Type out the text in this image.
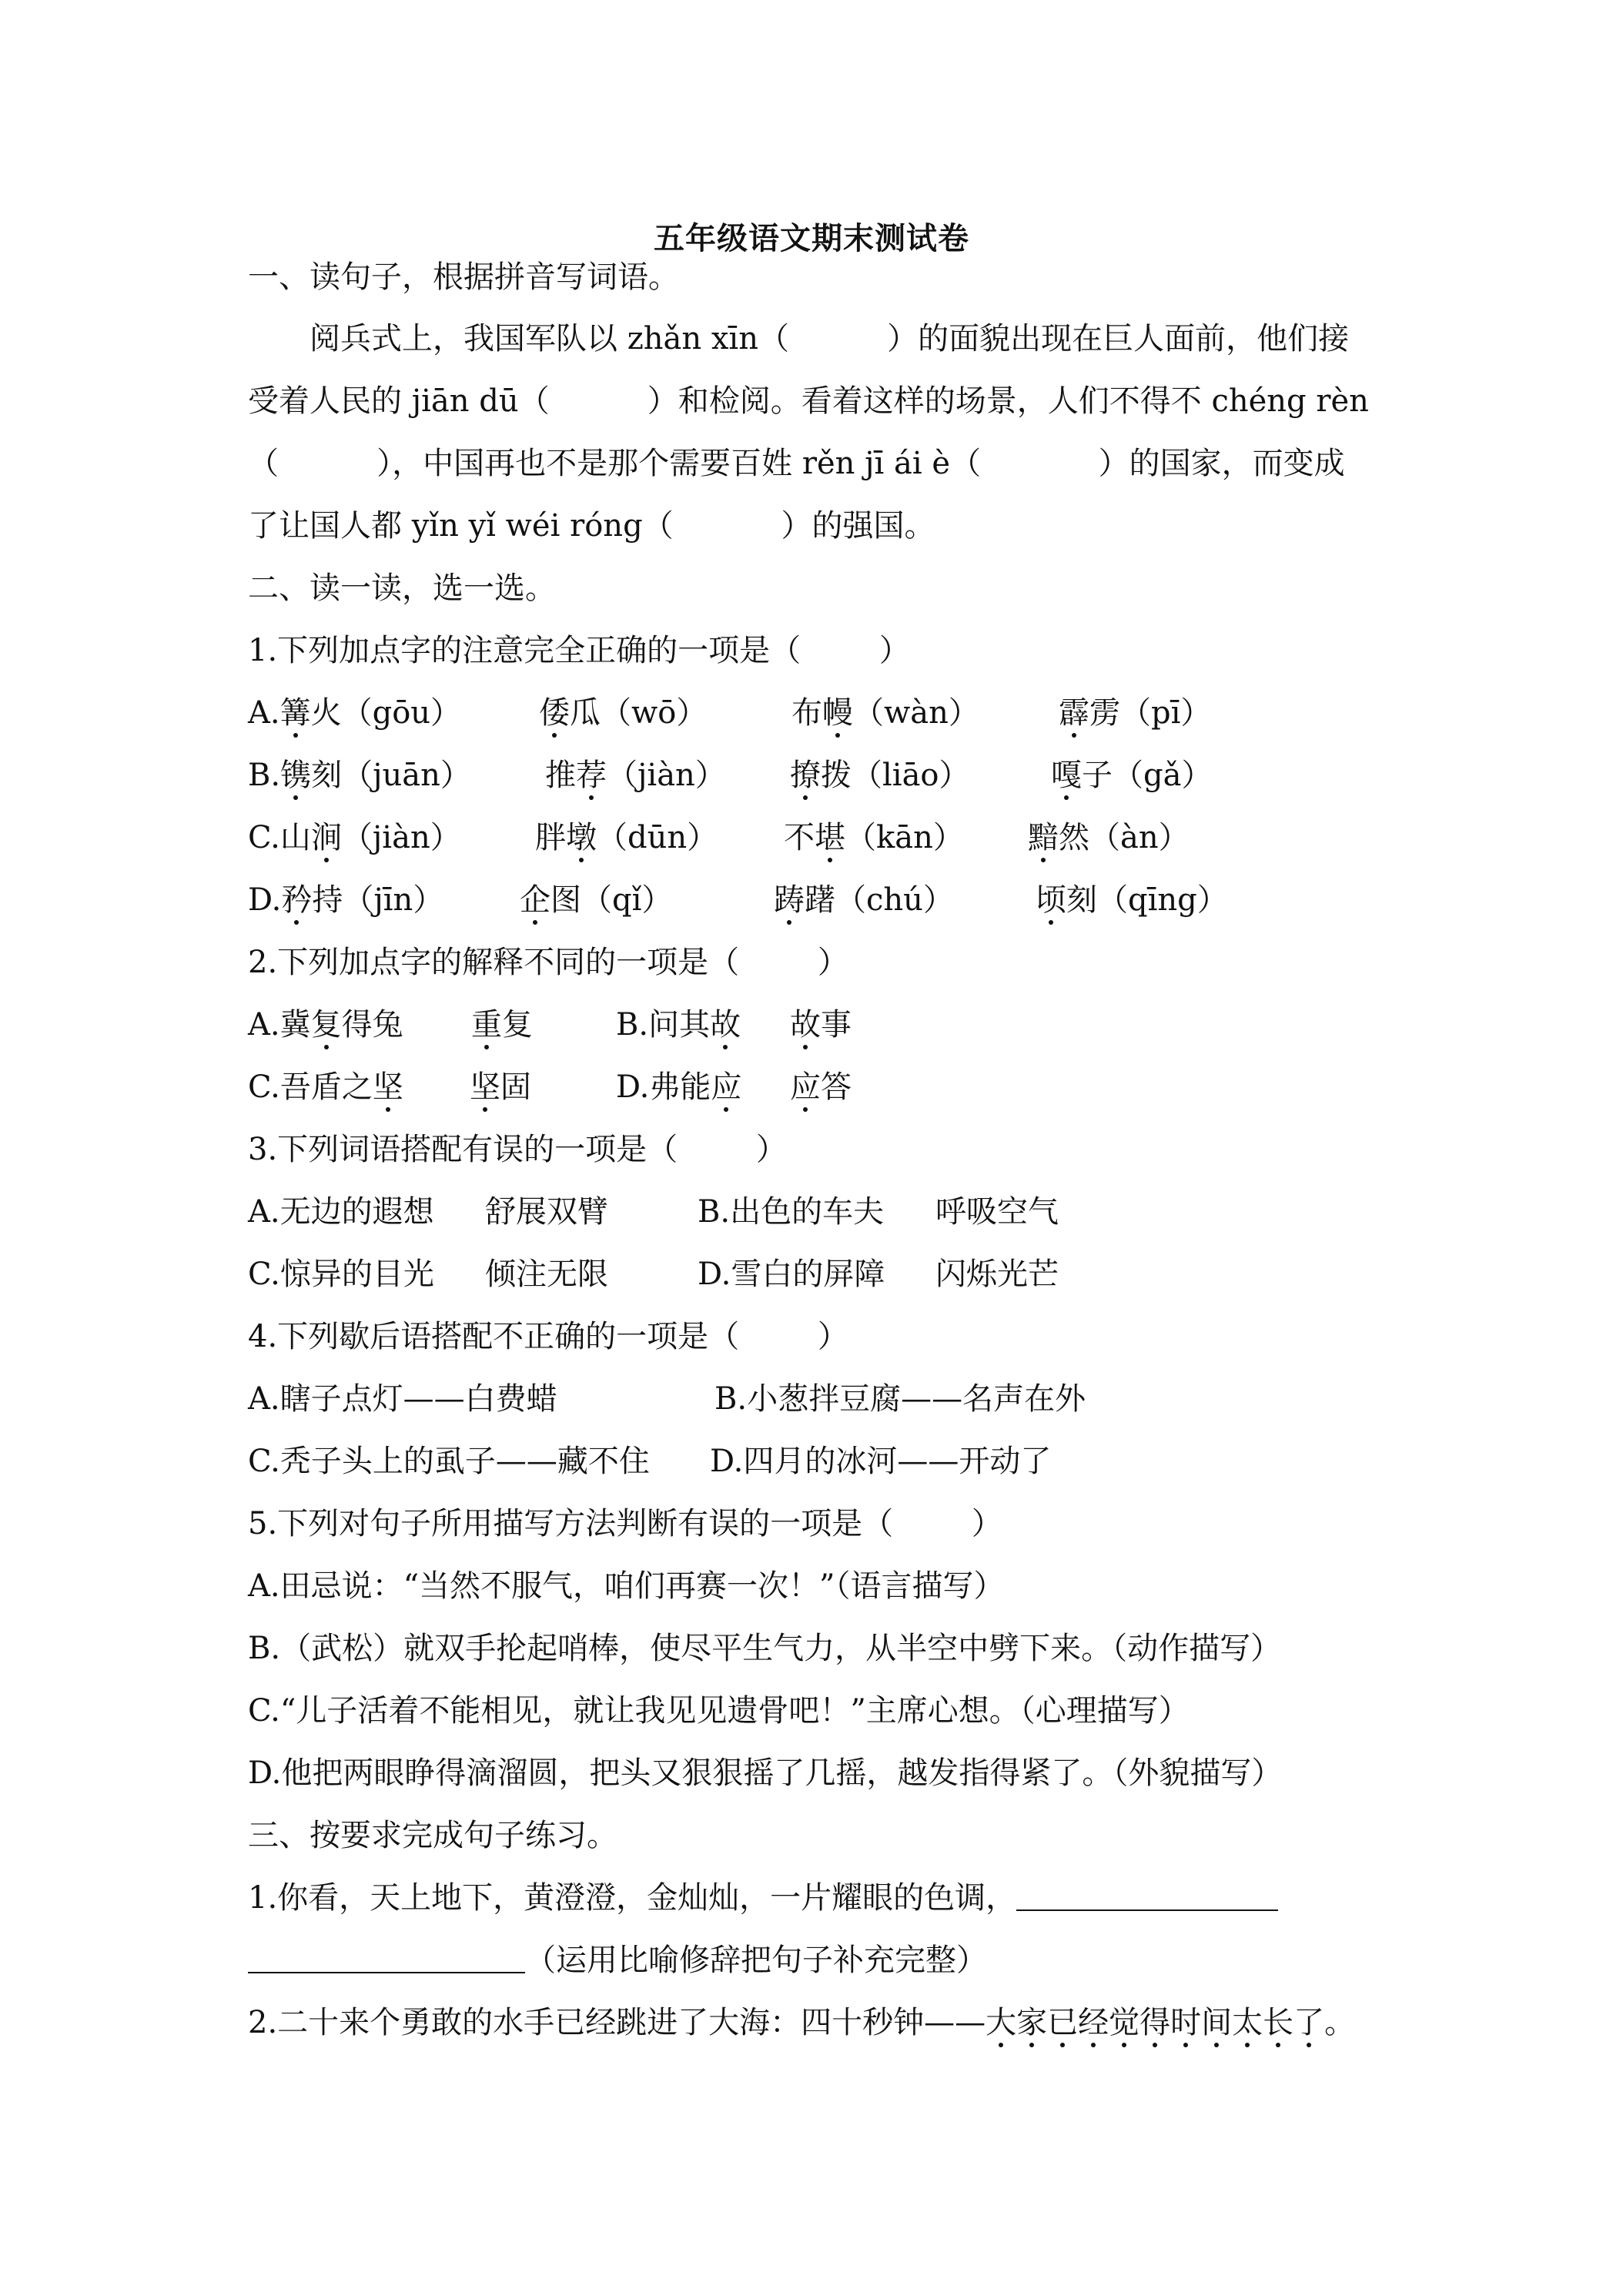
五年级语文期末测试卷
一、读句子，根据拼音写词语。
阅兵式上，我国军队以 zhǎn xīn（          ）的面貌出现在巨人面前，他们接
受着人民的 jiān dū（          ）和检阅。看着这样的场景，人们不得不 chéng rèn
（          ），中国再也不是那个需要百姓 rěn jī ái è（            ）的国家，而变成
了让国人都 yǐn yǐ wéi róng（           ）的强国。
二、读一读，选一选。
1.下列加点字的注意完全正确的一项是（        ）
A.篝火（gōu）	倭瓜（wō）	布幔（wàn）	霹雳（pī）
B.镌刻（juān） 推荐（jiàn） 撩拨（liāo）	嘎子（gǎ）
C.山涧（jiàn） 胖墩（dūn） 不堪（kān） 黯然（àn）
D.矜持（jīn） 企图（qǐ）	踌躇（chú）	顷刻（qīng）
2.下列加点字的解释不同的一项是（        ）
A.冀复得兔 重复	B.问其故 故事
C.吾盾之坚 坚固	D.弗能应 应答
3.下列词语搭配有误的一项是（        ）
A.无边的遐想 舒展双臂	B.出色的车夫 呼吸空气
C.惊异的目光 倾注无限	D.雪白的屏障 闪烁光芒
4.下列歇后语搭配不正确的一项是（        ）
A.瞎子点灯——白费蜡	B.小葱拌豆腐——名声在外
C.秃子头上的虱子——藏不住 D.四月的冰河——开动了
5.下列对句子所用描写方法判断有误的一项是（        ）
A.田忌说：“当然不服气，咱们再赛一次！”（语言描写）
B.（武松）就双手抡起哨棒，使尽平生气力，从半空中劈下来。（动作描写）
C.“儿子活着不能相见，就让我见见遗骨吧！”主席心想。（心理描写）
D.他把两眼睁得滴溜圆，把头又狠狠摇了几摇，越发指得紧了。（外貌描写）
三、按要求完成句子练习。
1.你看，天上地下，黄澄澄，金灿灿，一片耀眼的色调，
（运用比喻修辞把句子补充完整）
2.二十来个勇敢的水手已经跳进了大海：四十秒钟——大家已经觉得时间太长了。
